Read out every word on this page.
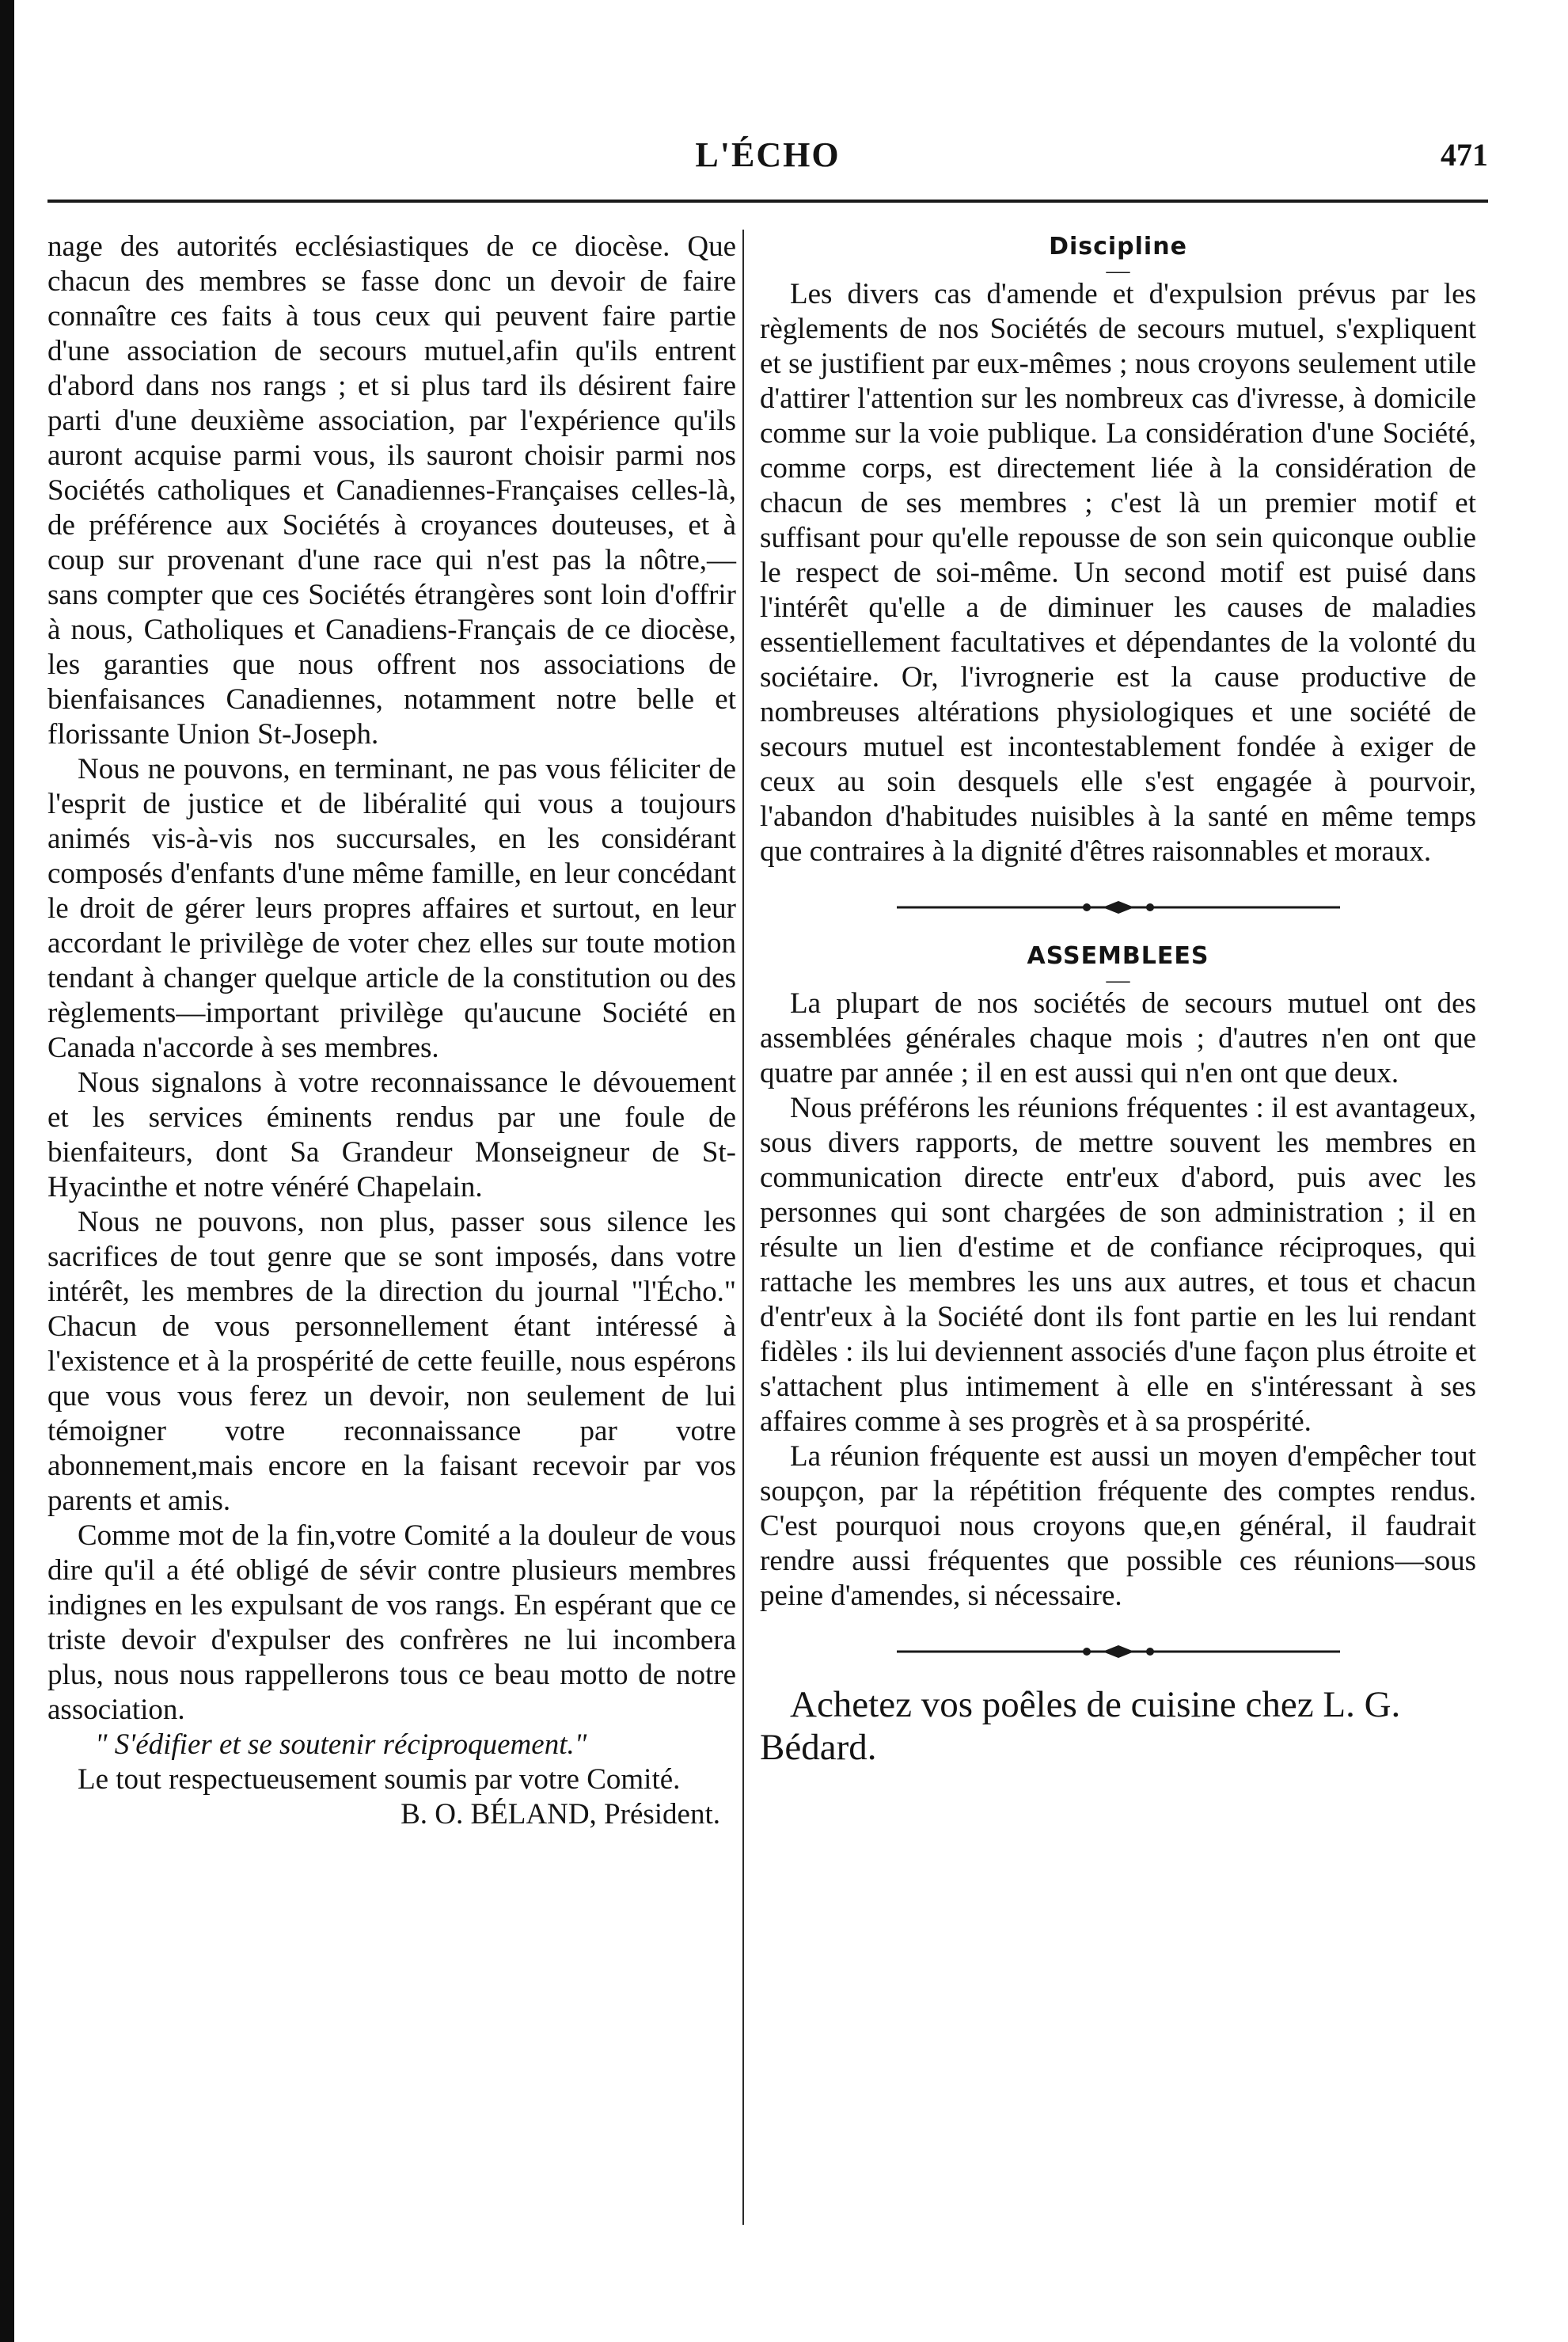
L'ÉCHO	471

nage des autorités ecclésiastiques de ce diocèse. Que chacun des membres se fasse donc un devoir de faire connaître ces faits à tous ceux qui peuvent faire partie d'une association de secours mutuel,afin qu'ils entrent d'abord dans nos rangs ; et si plus tard ils désirent faire parti d'une deuxième association, par l'expérience qu'ils auront acquise parmi vous, ils sauront choisir parmi nos Sociétés catholiques et Canadiennes-Françaises celles-là, de préférence aux Sociétés à croyances douteuses, et à coup sur provenant d'une race qui n'est pas la nôtre,— sans compter que ces Sociétés étrangères sont loin d'offrir à nous, Catholiques et Canadiens-Français de ce diocèse, les garanties que nous offrent nos associations de bienfaisances Canadiennes, notamment notre belle et florissante Union St-Joseph.

Nous ne pouvons, en terminant, ne pas vous féliciter de l'esprit de justice et de libéralité qui vous a toujours animés vis-à-vis nos succursales, en les considérant composés d'enfants d'une même famille, en leur concédant le droit de gérer leurs propres affaires et surtout, en leur accordant le privilège de voter chez elles sur toute motion tendant à changer quelque article de la constitution ou des règlements—important privilège qu'aucune Société en Canada n'accorde à ses membres.

Nous signalons à votre reconnaissance le dévouement et les services éminents rendus par une foule de bienfaiteurs, dont Sa Grandeur Monseigneur de St-Hyacinthe et notre vénéré Chapelain.

Nous ne pouvons, non plus, passer sous silence les sacrifices de tout genre que se sont imposés, dans votre intérêt, les membres de la direction du journal "l'Écho." Chacun de vous personnellement étant intéressé à l'existence et à la prospérité de cette feuille, nous espérons que vous vous ferez un devoir, non seulement de lui témoigner votre reconnaissance par votre abonnement,mais encore en la faisant recevoir par vos parents et amis.

Comme mot de la fin,votre Comité a la douleur de vous dire qu'il a été obligé de sévir contre plusieurs membres indignes en les expulsant de vos rangs. En espérant que ce triste devoir d'expulser des confrères ne lui incombera plus, nous nous rappellerons tous ce beau motto de notre association.

" S'édifier et se soutenir réciproquement."

Le tout respectueusement soumis par votre Comité.

B. O. BÉLAND, Président.

Discipline

—

Les divers cas d'amende et d'expulsion prévus par les règlements de nos Sociétés de secours mutuel, s'expliquent et se justifient par eux-mêmes ; nous croyons seulement utile d'attirer l'attention sur les nombreux cas d'ivresse, à domicile comme sur la voie publique. La considération d'une Société, comme corps, est directement liée à la considération de chacun de ses membres ; c'est là un premier motif et suffisant pour qu'elle repousse de son sein quiconque oublie le respect de soi-même. Un second motif est puisé dans l'intérêt qu'elle a de diminuer les causes de maladies essentiellement facultatives et dépendantes de la volonté du sociétaire. Or, l'ivrognerie est la cause productive de nombreuses altérations physiologiques et une société de secours mutuel est incontestablement fondée à exiger de ceux au soin desquels elle s'est engagée à pourvoir, l'abandon d'habitudes nuisibles à la santé en même temps que contraires à la dignité d'êtres raisonnables et moraux.

ASSEMBLEES

—

La plupart de nos sociétés de secours mutuel ont des assemblées générales chaque mois ; d'autres n'en ont que quatre par année ; il en est aussi qui n'en ont que deux.

Nous préférons les réunions fréquentes : il est avantageux, sous divers rapports, de mettre souvent les membres en communication directe entr'eux d'abord, puis avec les personnes qui sont chargées de son administration ; il en résulte un lien d'estime et de confiance réciproques, qui rattache les membres les uns aux autres, et tous et chacun d'entr'eux à la Société dont ils font partie en les lui rendant fidèles : ils lui deviennent associés d'une façon plus étroite et s'attachent plus intimement à elle en s'intéressant à ses affaires comme à ses progrès et à sa prospérité.

La réunion fréquente est aussi un moyen d'empêcher tout soupçon, par la répétition fréquente des comptes rendus. C'est pourquoi nous croyons que,en général, il faudrait rendre aussi fréquentes que possible ces réunions—sous peine d'amendes, si nécessaire.

Achetez vos poêles de cuisine chez L. G. Bédard.
